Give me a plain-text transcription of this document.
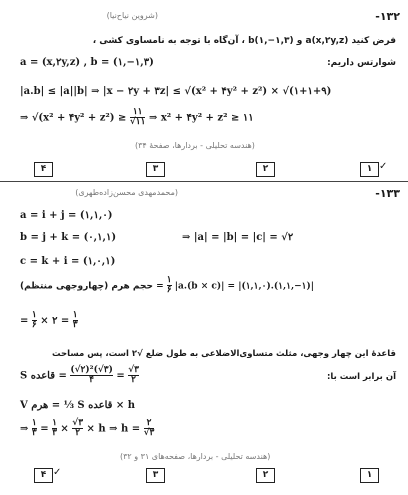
-۱۳۲
(شروین نیاح‌نیا)
فرض کنید (a(x,۲y,z و (b(۱,−۱,۳ ، آن‌گاه با توجه به نامساوی کشی ،
a = (x,۲y,z) , b = (۱,−۱,۳)	شوارتس داریم:
|a.b| ≤ |a||b| ⇒ |x − ۲y + ۳z| ≤ √(x² + ۴y² + z²) × √(۱+۱+۹)
⇒ √(x² + ۴y² + $z^2) \ge \frac{۱۱}{√۱۱}$ ⇒ x² + ۴y² + z² ≥ ۱۱
(هندسه تحلیلی - بردارها، صفحهٔ ۳۴)
۱ ✓
۲
۳
۴
-۱۳۳
(محمدمهدی محسن‌زاده‌طهری)
a = i + j = (۱,۱,۰)
b = j + k = (۰,۱,۱)	⇒ |a| = |b| = |c| = √۲
c = k + i = (۱,۰,۱)
حجم هرم (چهاروجهی منتظم) = $\frac{۱}{۶} |a.(b \times c)|$ = |(۱,۱,۰).(۱,۱,−۱)|
= $\frac{۱}{۶}$ × ۲ = $\frac{۱}{۳}$
قاعدهٔ این چهار وجهی، مثلث متساوی‌الاضلاعی به طول ضلع √۲ است، پس مساحت
S قاعده = $\frac{\text{(√۲)²(√۳)}}{۴} = \frac{√۳}{۲}$	آن برابر است با:
V هرم = ⅓ S قاعده × h
⇒ $\frac{۱}{۳} = \frac{۱}{۳} \times \frac{√۳}{۲} \times h$ ⇒ $h = \frac{۲}{√۳}$
(هندسه تحلیلی - بردارها، صفحه‌های ۳۱ و ۳۲)
۱
۲
۳
۴ ✓
